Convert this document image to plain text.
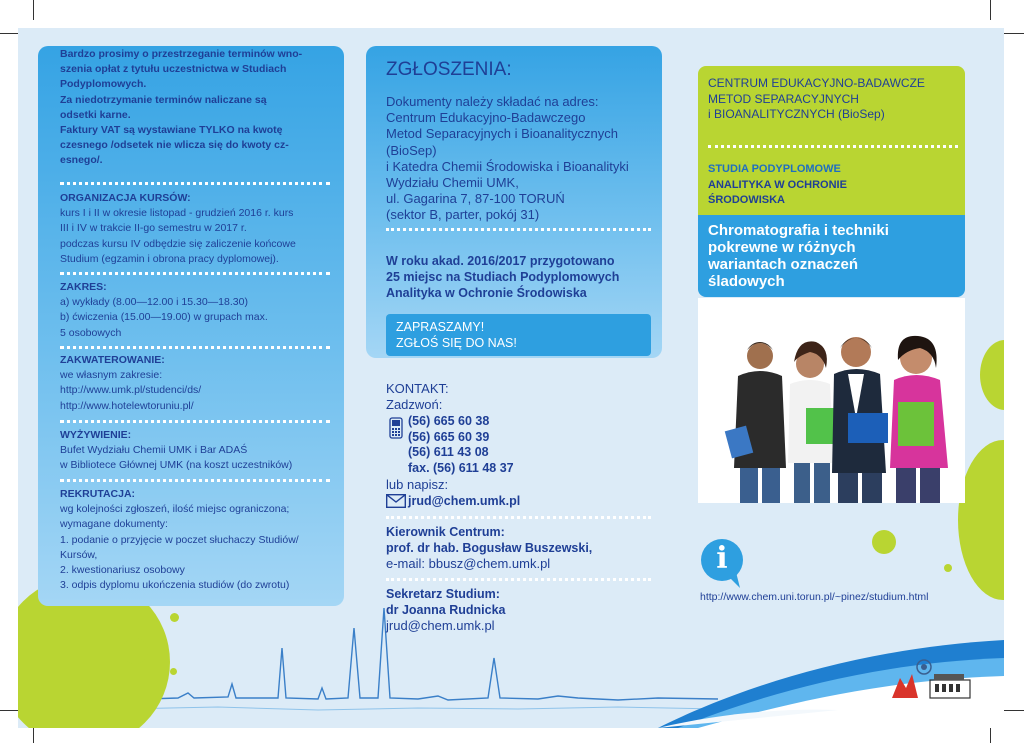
Bardzo prosimy o przestrzeganie terminów wno-
szenia opłat z tytułu uczestnictwa w Studiach
Podyplomowych.
Za niedotrzymanie terminów naliczane są
odsetki karne.
Faktury VAT są wystawiane TYLKO na kwotę
czesnego /odsetek nie wlicza się do kwoty cz-
esnego/.
ORGANIZACJA KURSÓW:
kurs I i II w okresie listopad - grudzień 2016 r. kurs
III i IV w trakcie II-go semestru w 2017 r.
podczas kursu IV odbędzie się zaliczenie końcowe
Studium (egzamin i obrona pracy dyplomowej).
ZAKRES:
a) wykłady (8.00—12.00 i 15.30—18.30)
b) ćwiczenia (15.00—19.00) w grupach max.
5 osobowych
ZAKWATEROWANIE:
we własnym zakresie:
http://www.umk.pl/studenci/ds/
http://www.hotelewtoruniu.pl/
WYŻYWIENIE:
Bufet Wydziału Chemii UMK i Bar ADAŚ
w Bibliotece Głównej UMK (na koszt uczestników)
REKRUTACJA:
wg kolejności zgłoszeń, ilość miejsc ograniczona;
wymagane dokumenty:
1. podanie o przyjęcie w poczet słuchaczy Studiów/
Kursów,
2. kwestionariusz osobowy
3. odpis dyplomu ukończenia studiów (do zwrotu)
ZGŁOSZENIA:
Dokumenty należy składać na adres:
Centrum Edukacyjno-Badawczego
Metod Separacyjnych i Bioanalitycznych
(BioSep)
i Katedra Chemii Środowiska i Bioanalityki
Wydziału Chemii UMK,
ul. Gagarina 7, 87-100 TORUŃ
(sektor B, parter, pokój 31)
W roku akad. 2016/2017 przygotowano
25 miejsc na Studiach Podyplomowych
Analityka w Ochronie Środowiska
ZAPRASZAMY!
ZGŁOŚ SIĘ DO NAS!
KONTAKT:
Zadzwoń:
(56) 665 60 38
(56) 665 60 39
(56) 611 43 08
fax. (56) 611 48 37
lub napisz:
jrud@chem.umk.pl
Kierownik Centrum:
prof. dr hab. Bogusław Buszewski,
e-mail: bbusz@chem.umk.pl
Sekretarz Studium:
dr Joanna Rudnicka
jrud@chem.umk.pl
CENTRUM EDUKACYJNO-BADAWCZE
METOD SEPARACYJNYCH
i BIOANALITYCZNYCH (BioSep)
STUDIA PODYPLOMOWE
ANALITYKA W OCHRONIE
ŚRODOWISKA
Chromatografia i techniki
pokrewne w różnych
wariantach oznaczeń
śladowych
i
http://www.chem.uni.torun.pl/~pinez/studium.html
